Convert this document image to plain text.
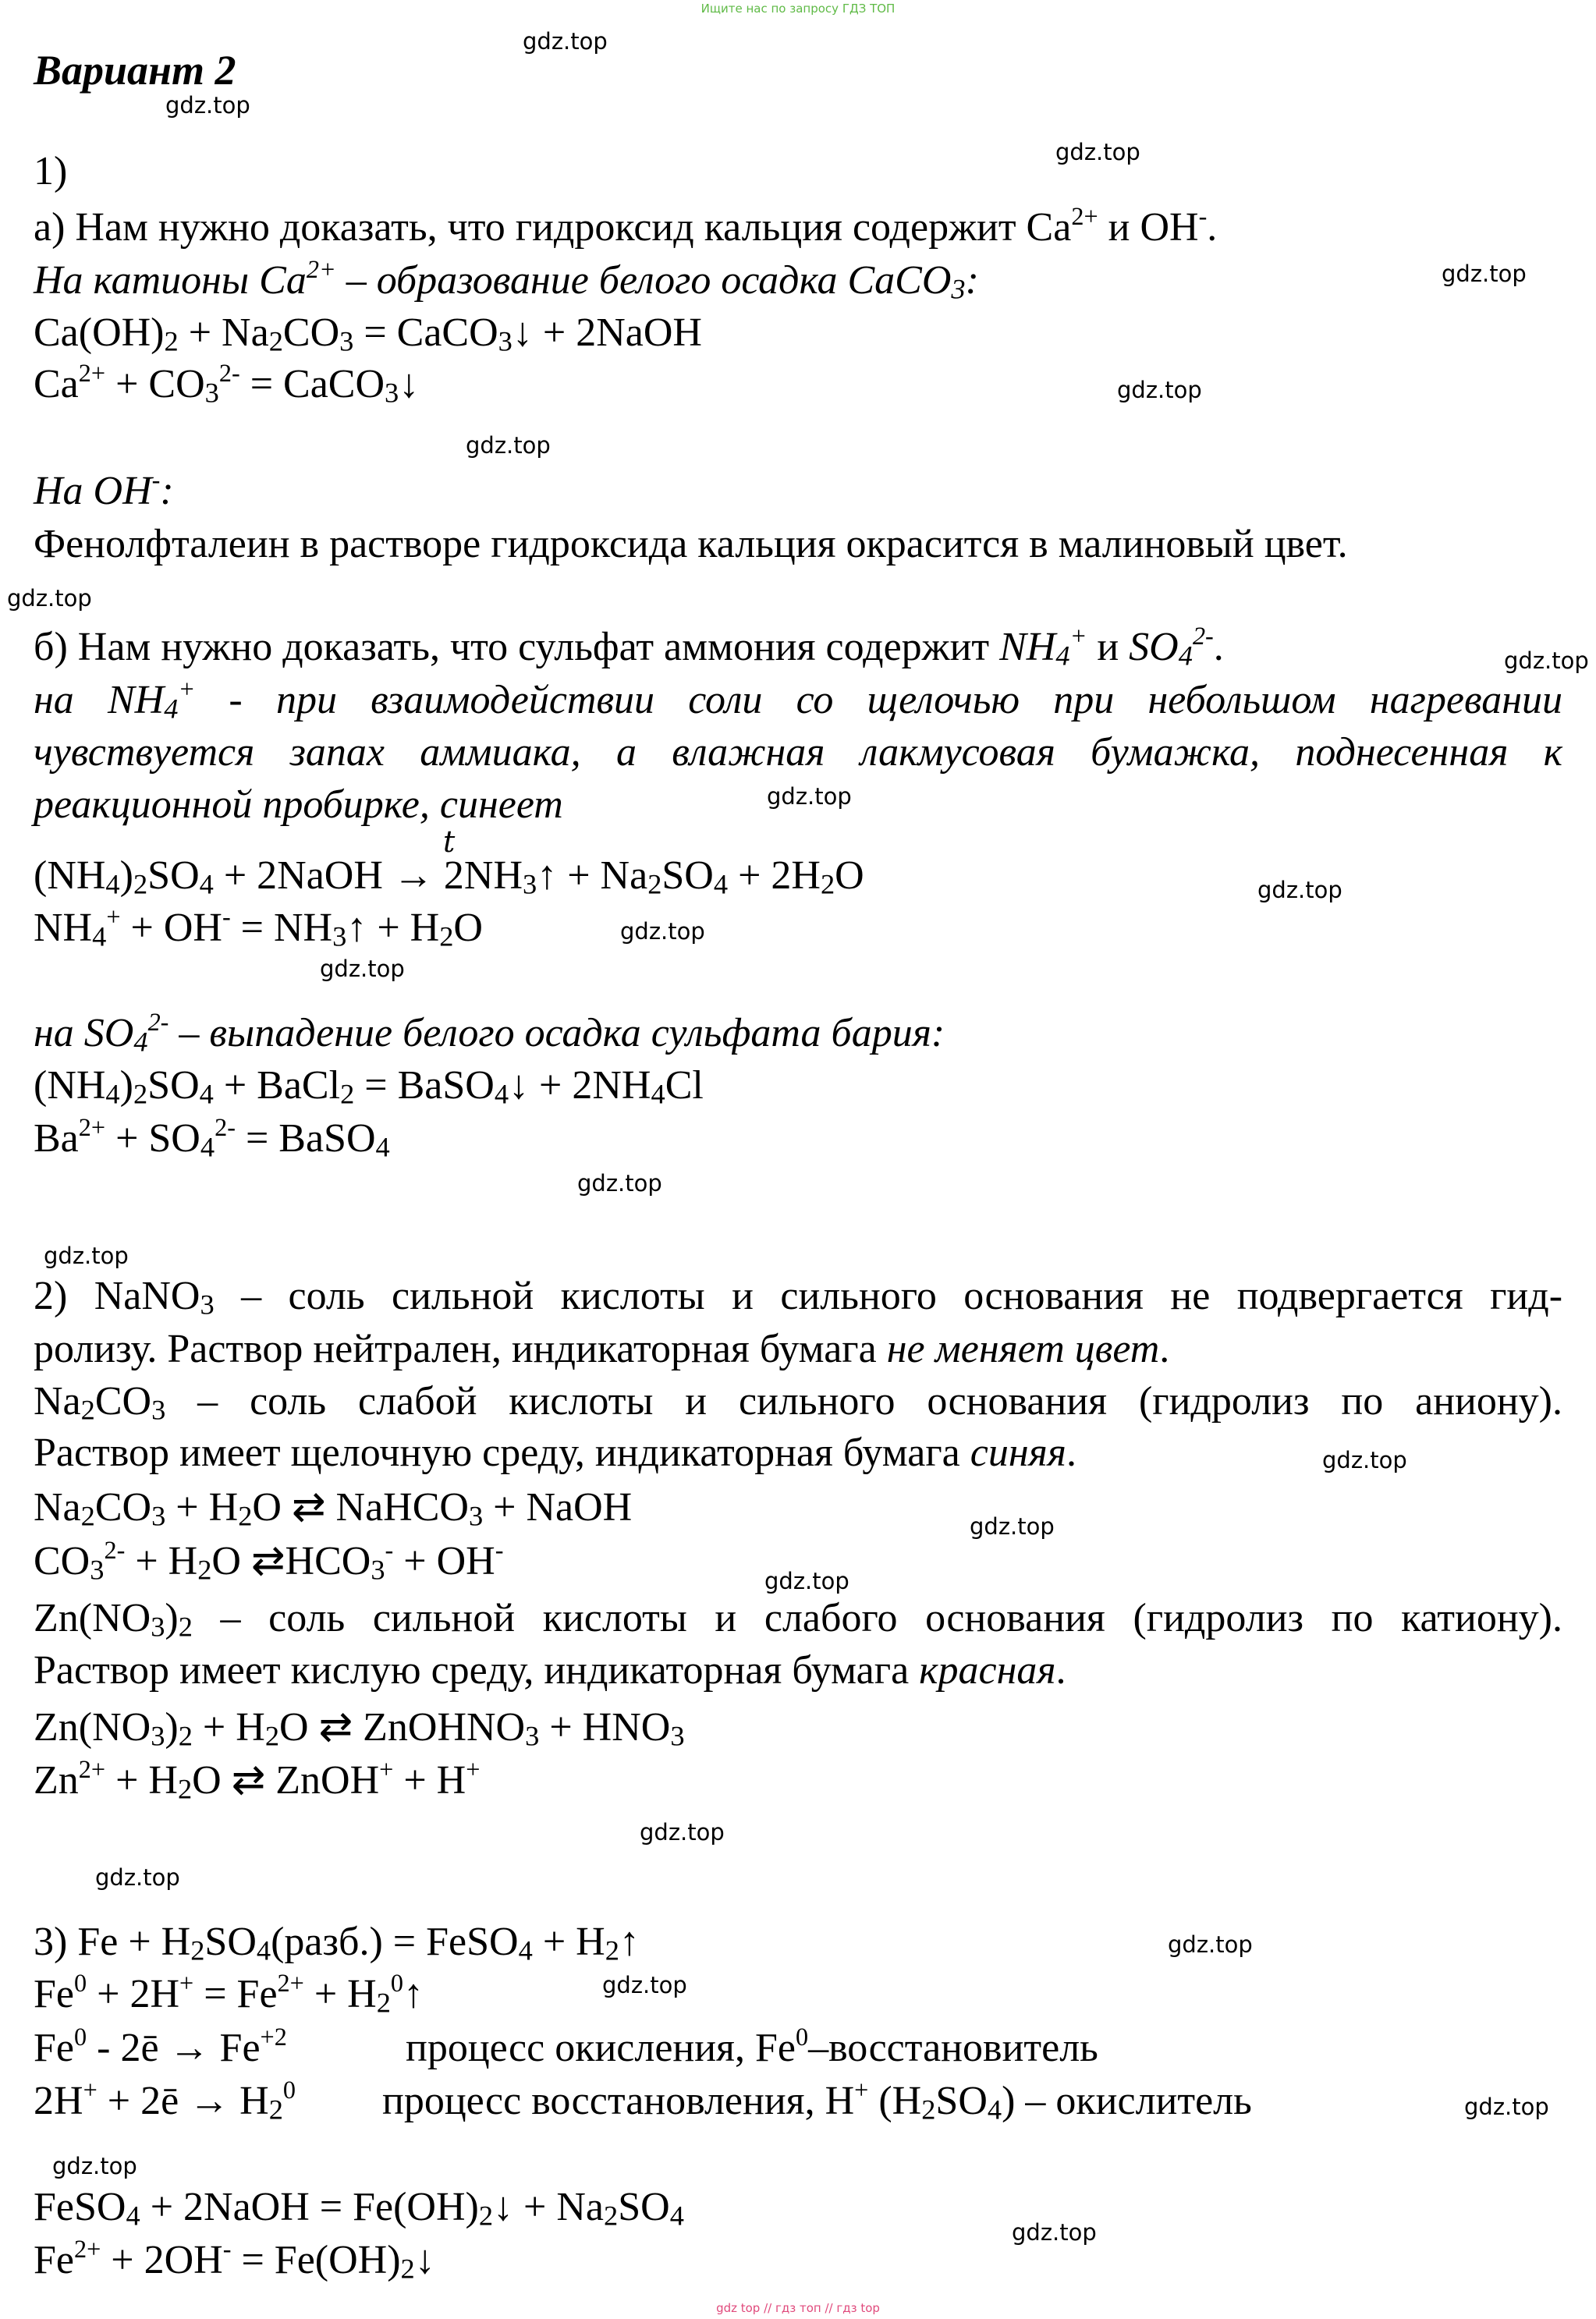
Ищите нас по запросу ГДЗ ТОП
Вариант 2
1)
а) Нам нужно доказать, что гидроксид кальция содержит $Ca^{2+}$ и OH-.
На катионы $Ca^{2+}$ – образование белого осадка CaCO$_3$:
$Ca(OH)_2 + Na_2CO_3$ = CaCO$_3$↓ + 2NaOH
$Ca^{2+} + CO_3^{2-}$ = CaCO$_3$↓
На OH-:
Фенолфталеин в растворе гидроксида кальция окрасится в малиновый цвет.
б) Нам нужно доказать, что сульфат аммония содержит $NH_4^+$ и $SO_4^{2-}$.
на $NH_4^+$ - при взаимодействии соли со щелочью при небольшом нагревании
чувствуется запах аммиака, а влажная лакмусовая бумажка, поднесенная к
реакционной пробирке, синеет
t
$(NH_4)_2SO_4$ + 2NaOH → $2NH_3↑ + Na_2SO_4 + 2H_2O$
$NH_4^+ + OH^-$ = $NH_3↑ + H_2O$
на $SO_4^{2-}$ – выпадение белого осадка сульфата бария:
$(NH_4)_2SO_4$ + BaCl$_2$ = BaSO$_4$↓ + $2NH_4Cl$
$Ba^{2+} + SO_4^{2-}$ = BaSO$_4$
2) NaNO$_3$ – соль сильной кислоты и сильного основания не подвергается гид-
ролизу. Раствор нейтрален, индикаторная бумага не меняет цвет.
$Na_2CO_3$ – соль слабой кислоты и сильного основания (гидролиз по аниону).
Раствор имеет щелочную среду, индикаторная бумага синяя.
$Na_2CO_3 + H_2O$ ⇄ NaHCO$_3$ + NaOH
$CO_3^{2-} + H_2O$ $⇄HCO_3^- + OH^-$
$Zn(NO_3)_2$ – соль сильной кислоты и слабого основания (гидролиз по катиону).
Раствор имеет кислую среду, индикаторная бумага красная.
$Zn(NO_3)_2 + H_2O$ ⇄ ZnOHNO$_3$ + $HNO_3$
$Zn^{2+} + H_2O$ ⇄ ZnOH+ + H+
3) $Fe + H_2SO_4(разб.)$ = FeSO$_4$ + $H_2↑$
$Fe^0 + 2H^+ = Fe^{2+}$ + $H_2^0↑$
Fe$^0$ - 2ē → $Fe^{+2}$	процесс окисления, Fe$^0$–восстановитель
2H+ + 2ē → $H_2^0$ процесс восстановления, H+ $(H_2SO_4)$ – окислитель
FeSO$_4$ + 2NaOH = $Fe(OH)_2↓ + Na_2SO_4$
$Fe^{2+} + 2OH^-$ = $Fe(OH)_2↓$
gdz.top
gdz.top
gdz.top
gdz.top
gdz.top
gdz.top
gdz.top
gdz.top
gdz.top
gdz.top
gdz.top
gdz.top
gdz.top
gdz.top
gdz.top
gdz.top
gdz.top
gdz.top
gdz.top
gdz.top
gdz.top
gdz.top
gdz.top
gdz.top
gdz top // гдз топ // гдз top
